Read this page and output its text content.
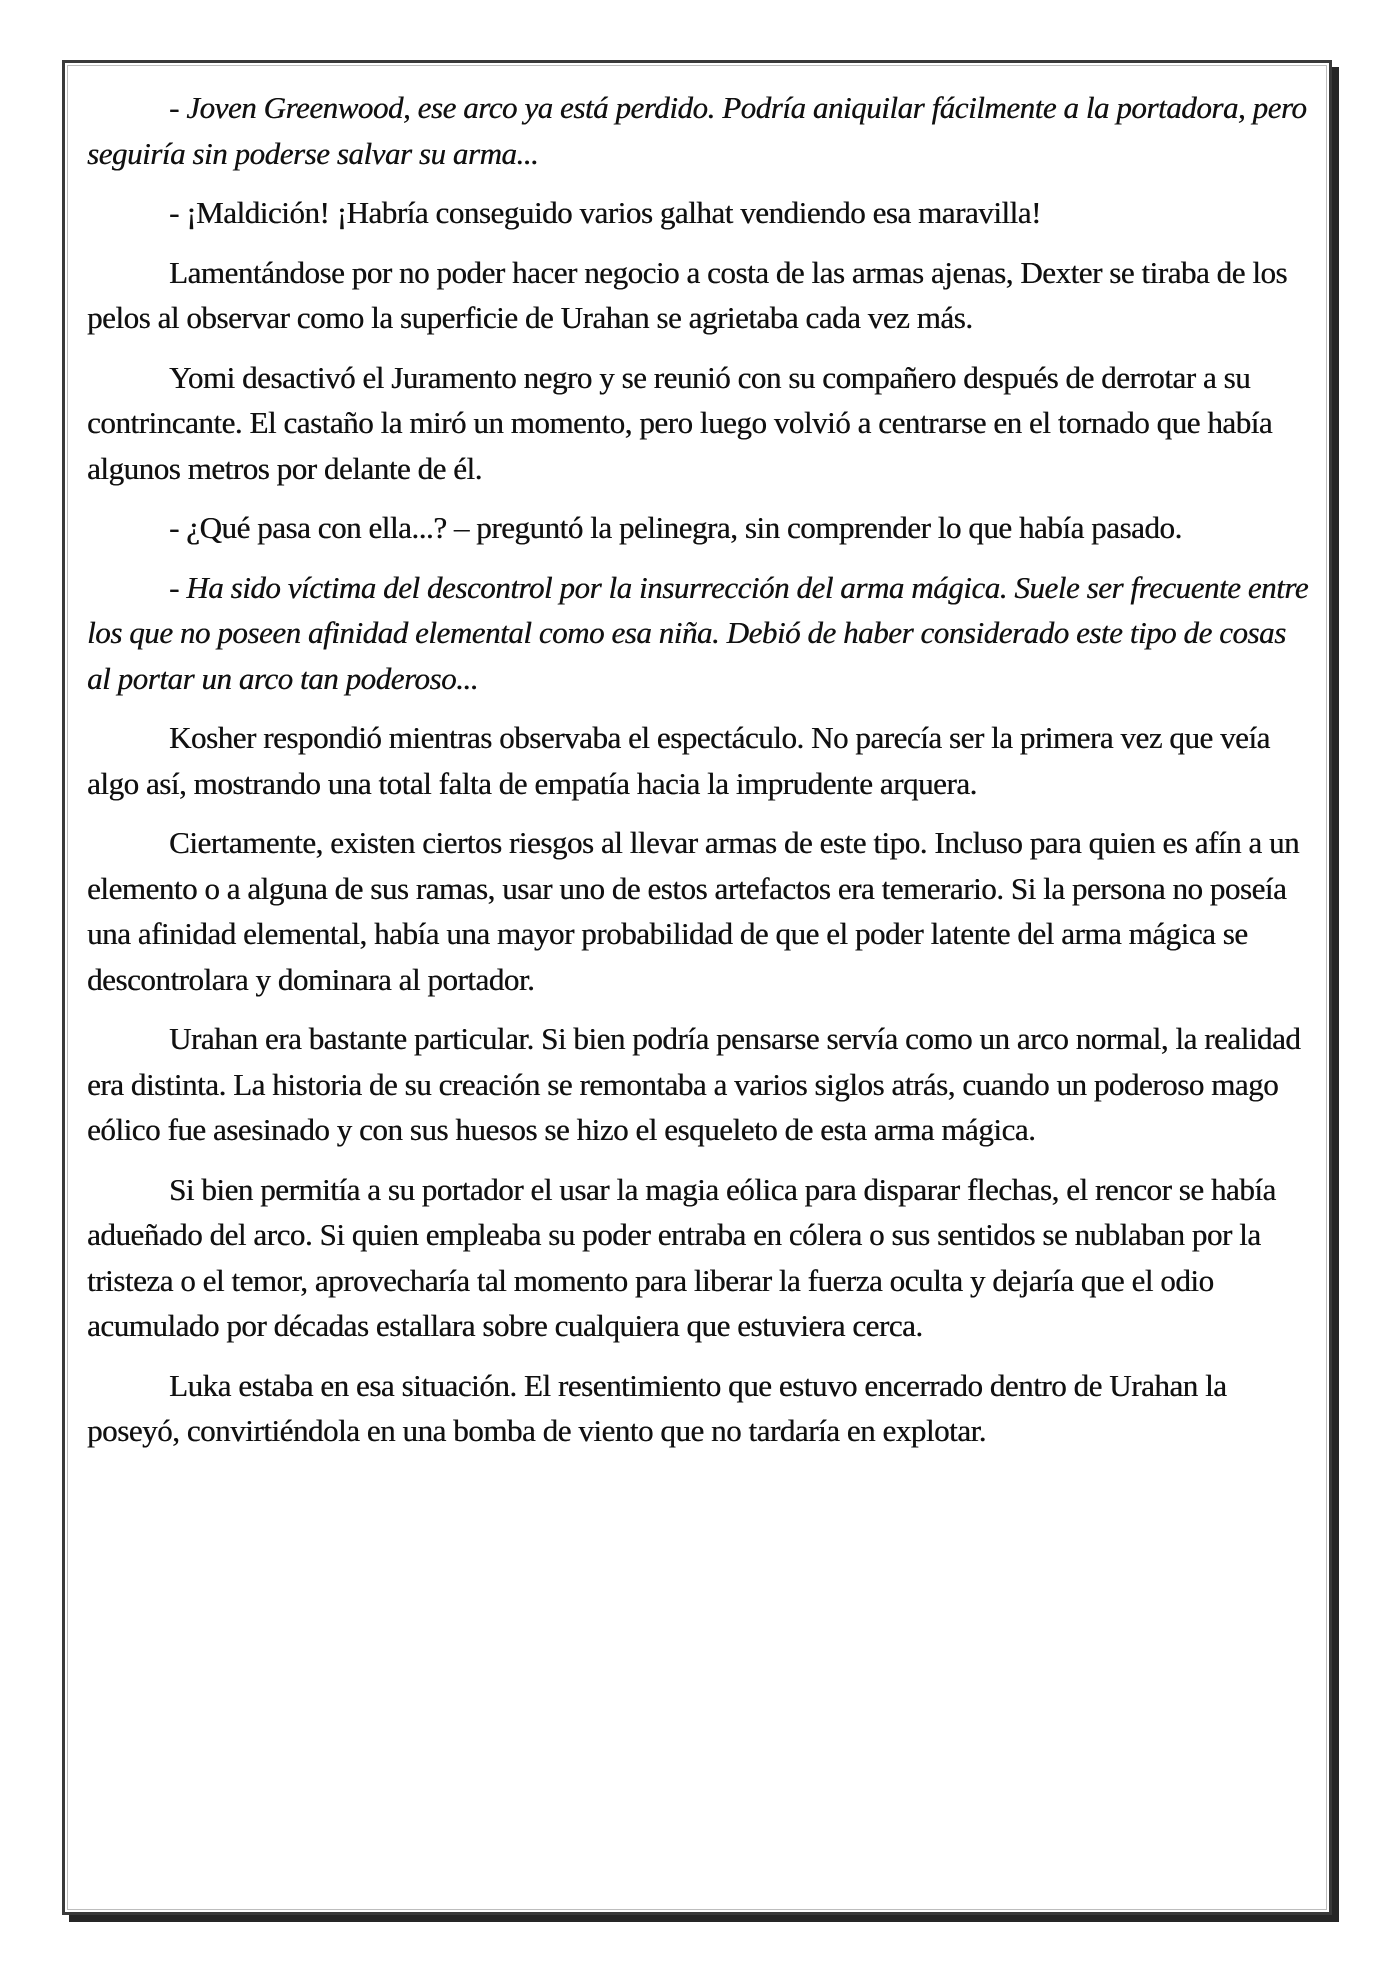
- Joven Greenwood, ese arco ya está perdido. Podría aniquilar fácilmente a la portadora, pero seguiría sin poderse salvar su arma...

- ¡Maldición! ¡Habría conseguido varios galhat vendiendo esa maravilla!

Lamentándose por no poder hacer negocio a costa de las armas ajenas, Dexter se tiraba de los pelos al observar como la superficie de Urahan se agrietaba cada vez más.

Yomi desactivó el Juramento negro y se reunió con su compañero después de derrotar a su contrincante. El castaño la miró un momento, pero luego volvió a centrarse en el tornado que había algunos metros por delante de él.

- ¿Qué pasa con ella...? – preguntó la pelinegra, sin comprender lo que había pasado.

- Ha sido víctima del descontrol por la insurrección del arma mágica. Suele ser frecuente entre los que no poseen afinidad elemental como esa niña. Debió de haber considerado este tipo de cosas al portar un arco tan poderoso...

Kosher respondió mientras observaba el espectáculo. No parecía ser la primera vez que veía algo así, mostrando una total falta de empatía hacia la imprudente arquera.

Ciertamente, existen ciertos riesgos al llevar armas de este tipo. Incluso para quien es afín a un elemento o a alguna de sus ramas, usar uno de estos artefactos era temerario. Si la persona no poseía una afinidad elemental, había una mayor probabilidad de que el poder latente del arma mágica se descontrolara y dominara al portador.

Urahan era bastante particular. Si bien podría pensarse servía como un arco normal, la realidad era distinta. La historia de su creación se remontaba a varios siglos atrás, cuando un poderoso mago eólico fue asesinado y con sus huesos se hizo el esqueleto de esta arma mágica.

Si bien permitía a su portador el usar la magia eólica para disparar flechas, el rencor se había adueñado del arco. Si quien empleaba su poder entraba en cólera o sus sentidos se nublaban por la tristeza o el temor, aprovecharía tal momento para liberar la fuerza oculta y dejaría que el odio acumulado por décadas estallara sobre cualquiera que estuviera cerca.

Luka estaba en esa situación. El resentimiento que estuvo encerrado dentro de Urahan la poseyó, convirtiéndola en una bomba de viento que no tardaría en explotar.
